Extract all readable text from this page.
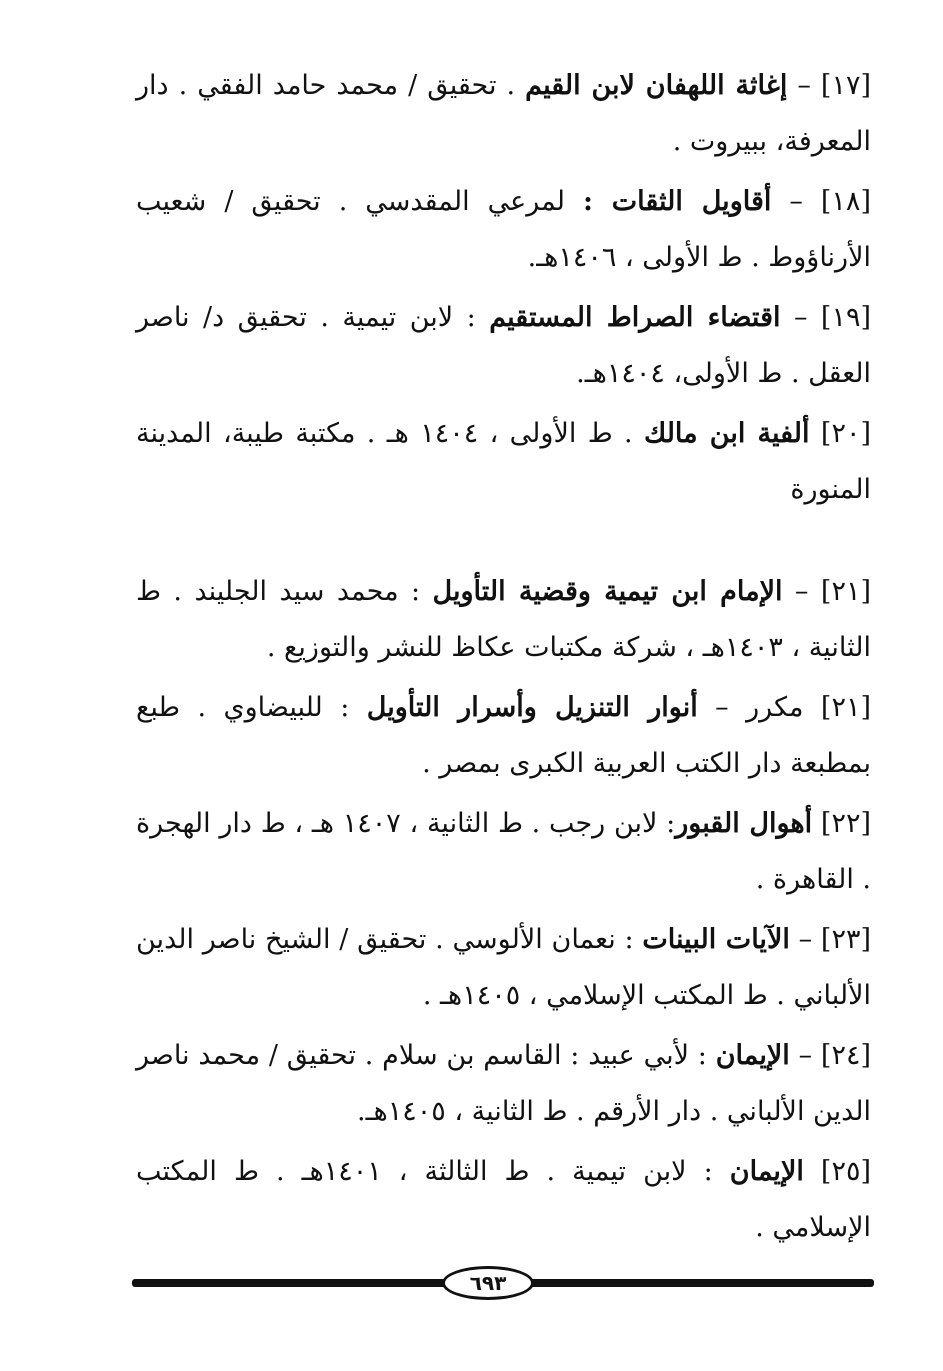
[١٧] – إغاثة اللهفان لابن القيم . تحقيق / محمد حامد الفقي . دار المعرفة، ببيروت .

[١٨] – أقاويل الثقات : لمرعي المقدسي . تحقيق / شعيب الأرناؤوط . ط الأولى ، ١٤٠٦هـ.

[١٩] – اقتضاء الصراط المستقيم : لابن تيمية . تحقيق د/ ناصر العقل . ط الأولى، ١٤٠٤هـ.

[٢٠] ألفية ابن مالك . ط الأولى ، ١٤٠٤ هـ . مكتبة طيبة، المدينة المنورة

[٢١] – الإمام ابن تيمية وقضية التأويل : محمد سيد الجليند . ط الثانية ، ١٤٠٣هـ ، شركة مكتبات عكاظ للنشر والتوزيع .

[٢١] مكرر – أنوار التنزيل وأسرار التأويل : للبيضاوي . طبع بمطبعة دار الكتب العربية الكبرى بمصر .

[٢٢] أهوال القبور: لابن رجب . ط الثانية ، ١٤٠٧ هـ ، ط دار الهجرة . القاهرة .

[٢٣] – الآيات البينات : نعمان الألوسي . تحقيق / الشيخ ناصر الدين الألباني . ط المكتب الإسلامي ، ١٤٠٥هـ .

[٢٤] – الإيمان : لأبي عبيد : القاسم بن سلام . تحقيق / محمد ناصر الدين الألباني . دار الأرقم . ط الثانية ، ١٤٠٥هـ.

[٢٥] الإيمان : لابن تيمية . ط الثالثة ، ١٤٠١هـ . ط المكتب الإسلامي .

٦٩٣
